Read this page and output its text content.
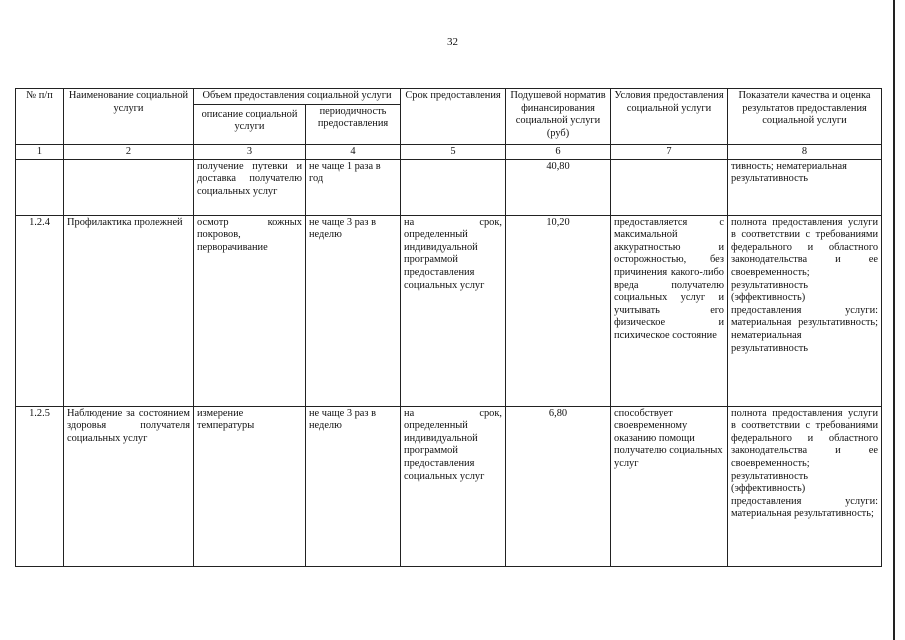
32
№ п/п	Наименование социальной услуги	Объем предоставления социальной услуги		Срок предоставления	Подушевой норматив финансирования социальной услуги (руб)	Условия предоставления социальной услуги	Показатели качества и оценка результатов предоставления социальной услуги
		описание социальной услуги	периодичность предоставления				
1	2	3	4	5	6	7	8
		получение путевки и доставка получателю социальных услуг	не чаще 1 раза в год		40,80		тивность; нематериальная результативность
1.2.4	Профилактика пролежней	осмотр кожных покровов, перворачивание	не чаще 3 раз в неделю	на срок, определенный индивидуальной программой предоставления социальных услуг	10,20	предоставляется с максимальной аккуратностью и осторожностью, без причинения какого-либо вреда получателю социальных услуг и учитывать его физическое и психическое состояние	полнота предоставления услуги в соответствии с требованиями федерального и областного законодательства и ее своевременность; результативность (эффективность) предоставления услуги: материальная результативность; нематериальная результативность
1.2.5	Наблюдение за состоянием здоровья получателя социальных услуг	измерение температуры	не чаще 3 раз в неделю	на срок, определенный индивидуальной программой предоставления социальных услуг	6,80	способствует своевременному оказанию помощи получателю социальных услуг	полнота предоставления услуги в соответствии с требованиями федерального и областного законодательства и ее своевременность; результативность (эффективность) предоставления услуги: материальная результативность;
